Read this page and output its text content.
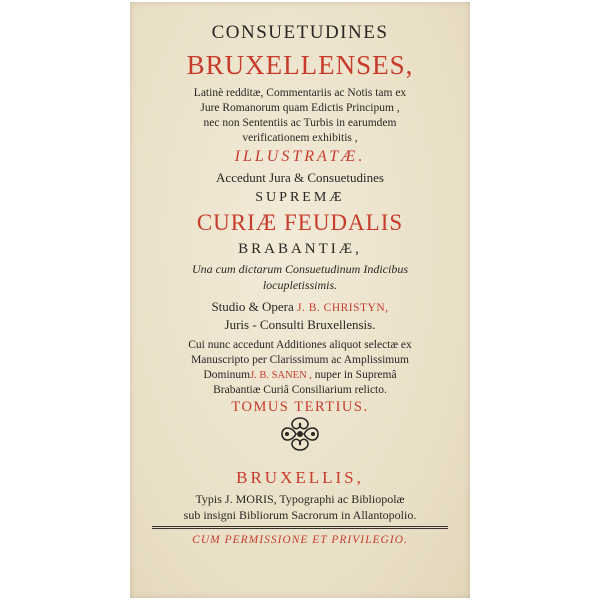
CONSUETUDINES
BRUXELLENSES,
Latinè redditæ, Commentariis ac Notis tam ex
Jure Romanorum quam Edictis Principum ,
nec non Sententiis ac Turbis in earumdem
verificationem exhibitis ,
ILLUSTRATÆ.
Accedunt Jura & Consuetudines
SUPREMÆ
CURIÆ FEUDALIS
BRABANTIÆ,
Una cum dictarum Consuetudinum Indicibus
locupletissimis.
Studio & Opera J. B. CHRISTYN,
Juris - Consulti Bruxellensis.
Cui nunc accedunt Additiones aliquot selectæ ex
Manuscripto per Clarissimum ac Amplissimum
DominumJ. B. SANEN , nuper in Supremâ
Brabantiæ Curiâ Consiliarium relicto.
TOMUS TERTIUS.
BRUXELLIS,
Typis J. MORIS, Typographi ac Bibliopolæ
sub insigni Bibliorum Sacrorum in Allantopolio.
CUM PERMISSIONE ET PRIVILEGIO.
